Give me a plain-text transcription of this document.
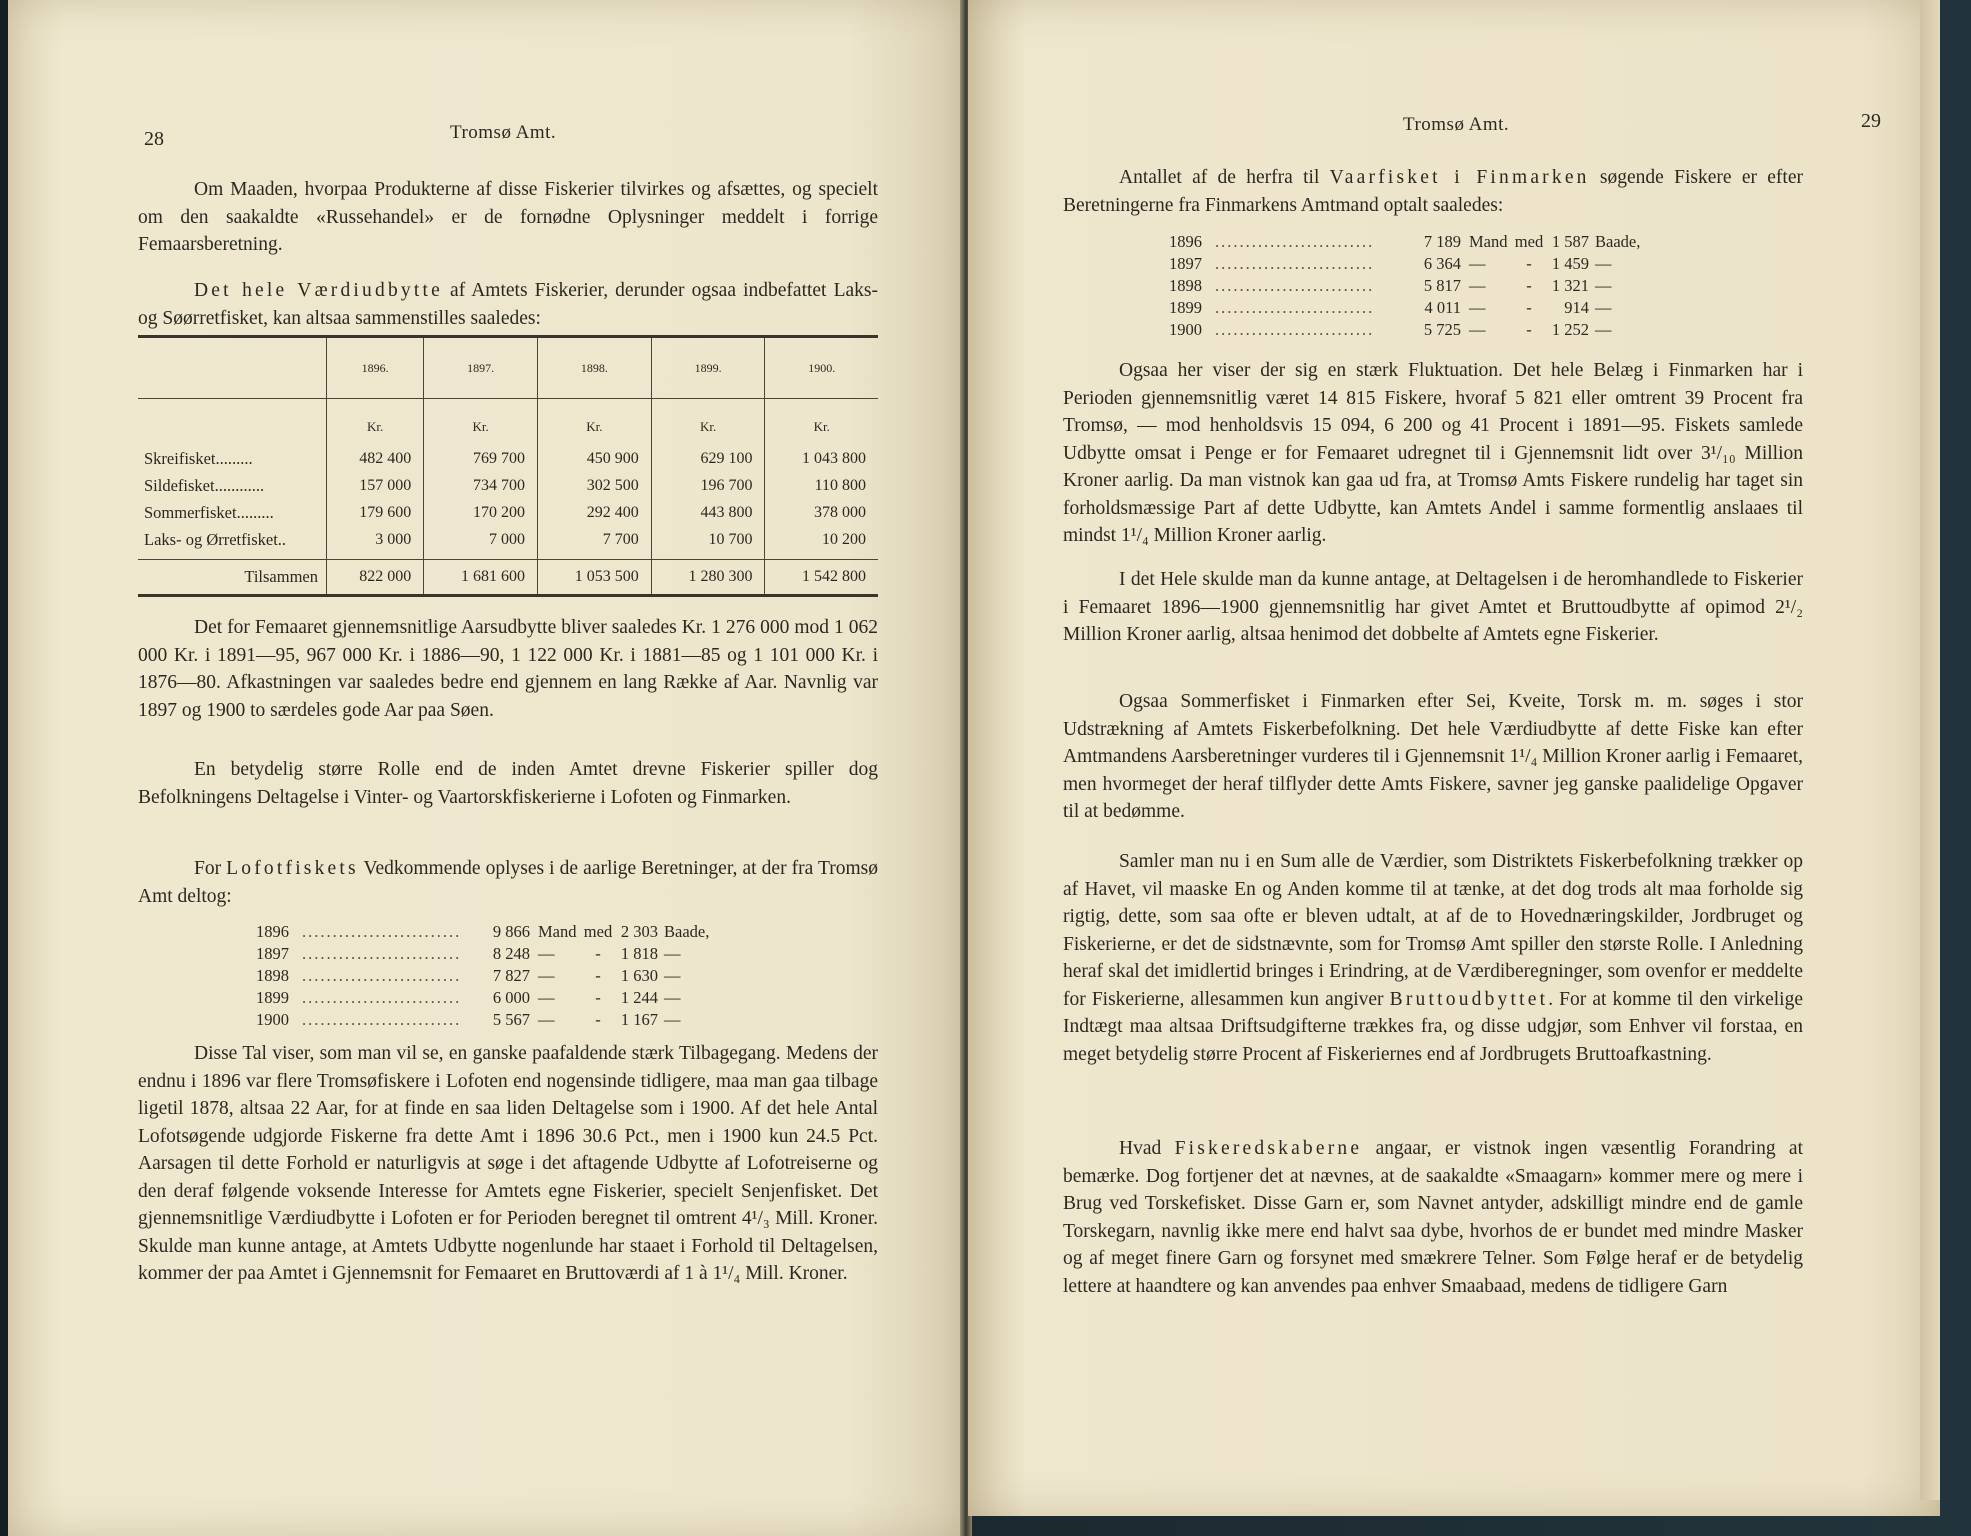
28	Tromsø Amt.

Om Maaden, hvorpaa Produkterne af disse Fiskerier tilvirkes og afsættes, og specielt om den saakaldte «Russehandel» er de fornødne Oplysninger meddelt i forrige Femaarsberetning.

Det hele Værdiudbytte af Amtets Fiskerier, derunder ogsaa indbefattet Laks- og Søørretfisket, kan altsaa sammenstilles saaledes:

	1896.	1897.	1898.	1899.	1900.
	Kr.	Kr.	Kr.	Kr.	Kr.
Skreifisket.........	482 400	769 700	450 900	629 100	1 043 800
Sildefisket............	157 000	734 700	302 500	196 700	110 800
Sommerfisket.........	179 600	170 200	292 400	443 800	378 000
Laks- og Ørretfisket..	3 000	7 000	7 700	10 700	10 200
Tilsammen	822 000	1 681 600	1 053 500	1 280 300	1 542 800

Det for Femaaret gjennemsnitlige Aarsudbytte bliver saaledes Kr. 1 276 000 mod 1 062 000 Kr. i 1891—95, 967 000 Kr. i 1886—90, 1 122 000 Kr. i 1881—85 og 1 101 000 Kr. i 1876—80. Afkastningen var saaledes bedre end gjennem en lang Række af Aar. Navnlig var 1897 og 1900 to særdeles gode Aar paa Søen.

En betydelig større Rolle end de inden Amtet drevne Fiskerier spiller dog Befolkningens Deltagelse i Vinter- og Vaartorskfiskerierne i Lofoten og Finmarken.

For Lofotfiskets Vedkommende oplyses i de aarlige Beretninger, at der fra Tromsø Amt deltog:

1896 ..........................	9 866 Mand med 2 303 Baade,
1897 ..........................	8 248 —	-	1 818 —
1898 ..........................	7 827 —	-	1 630 —
1899 ..........................	6 000 —	-	1 244 —
1900 ..........................	5 567 —	-	1 167 —

Disse Tal viser, som man vil se, en ganske paafaldende stærk Tilbagegang. Medens der endnu i 1896 var flere Tromsøfiskere i Lofoten end nogensinde tidligere, maa man gaa tilbage ligetil 1878, altsaa 22 Aar, for at finde en saa liden Deltagelse som i 1900. Af det hele Antal Lofotsøgende udgjorde Fiskerne fra dette Amt i 1896 30.6 Pct., men i 1900 kun 24.5 Pct. Aarsagen til dette Forhold er naturligvis at søge i det aftagende Udbytte af Lofotreiserne og den deraf følgende voksende Interesse for Amtets egne Fiskerier, specielt Senjenfisket. Det gjennemsnitlige Værdiudbytte i Lofoten er for Perioden beregnet til omtrent 4¹/₃ Mill. Kroner. Skulde man kunne antage, at Amtets Udbytte nogenlunde har staaet i Forhold til Deltagelsen, kommer der paa Amtet i Gjennemsnit for Femaaret en Bruttoværdi af 1 à 1¹/₄ Mill. Kroner.

Tromsø Amt.	29

Antallet af de herfra til Vaarfisket i Finmarken søgende Fiskere er efter Beretningerne fra Finmarkens Amtmand optalt saaledes:

1896 ..........................	7 189 Mand med 1 587 Baade,
1897 ..........................	6 364 —	-	1 459 —
1898 ..........................	5 817 —	-	1 321 —
1899 ..........................	4 011 —	-	914 —
1900 ..........................	5 725 —	-	1 252 —

Ogsaa her viser der sig en stærk Fluktuation. Det hele Belæg i Finmarken har i Perioden gjennemsnitlig været 14 815 Fiskere, hvoraf 5 821 eller omtrent 39 Procent fra Tromsø, — mod henholdsvis 15 094, 6 200 og 41 Procent i 1891—95. Fiskets samlede Udbytte omsat i Penge er for Femaaret udregnet til i Gjennemsnit lidt over 3¹/₁₀ Million Kroner aarlig. Da man vistnok kan gaa ud fra, at Tromsø Amts Fiskere rundelig har taget sin forholdsmæssige Part af dette Udbytte, kan Amtets Andel i samme formentlig anslaaes til mindst 1¹/₄ Million Kroner aarlig.

I det Hele skulde man da kunne antage, at Deltagelsen i de heromhandlede to Fiskerier i Femaaret 1896—1900 gjennemsnitlig har givet Amtet et Bruttoudbytte af opimod 2¹/₂ Million Kroner aarlig, altsaa henimod det dobbelte af Amtets egne Fiskerier.

Ogsaa Sommerfisket i Finmarken efter Sei, Kveite, Torsk m. m. søges i stor Udstrækning af Amtets Fiskerbefolkning. Det hele Værdiudbytte af dette Fiske kan efter Amtmandens Aarsberetninger vurderes til i Gjennemsnit 1¹/₄ Million Kroner aarlig i Femaaret, men hvormeget der heraf tilflyder dette Amts Fiskere, savner jeg ganske paalidelige Opgaver til at bedømme.

Samler man nu i en Sum alle de Værdier, som Distriktets Fiskerbefolkning trækker op af Havet, vil maaske En og Anden komme til at tænke, at det dog trods alt maa forholde sig rigtig, dette, som saa ofte er bleven udtalt, at af de to Hovednæringskilder, Jordbruget og Fiskerierne, er det de sidstnævnte, som for Tromsø Amt spiller den største Rolle. I Anledning heraf skal det imidlertid bringes i Erindring, at de Værdiberegninger, som ovenfor er meddelte for Fiskerierne, allesammen kun angiver Bruttoudbyttet. For at komme til den virkelige Indtægt maa altsaa Driftsudgifterne trækkes fra, og disse udgjør, som Enhver vil forstaa, en meget betydelig større Procent af Fiskeriernes end af Jordbrugets Bruttoafkastning.

Hvad Fiskeredskaberne angaar, er vistnok ingen væsentlig Forandring at bemærke. Dog fortjener det at nævnes, at de saakaldte «Smaagarn» kommer mere og mere i Brug ved Torskefisket. Disse Garn er, som Navnet antyder, adskilligt mindre end de gamle Torskegarn, navnlig ikke mere end halvt saa dybe, hvorhos de er bundet med mindre Masker og af meget finere Garn og forsynet med smækrere Telner. Som Følge heraf er de betydelig lettere at haandtere og kan anvendes paa enhver Smaabaad, medens de tidligere Garn
